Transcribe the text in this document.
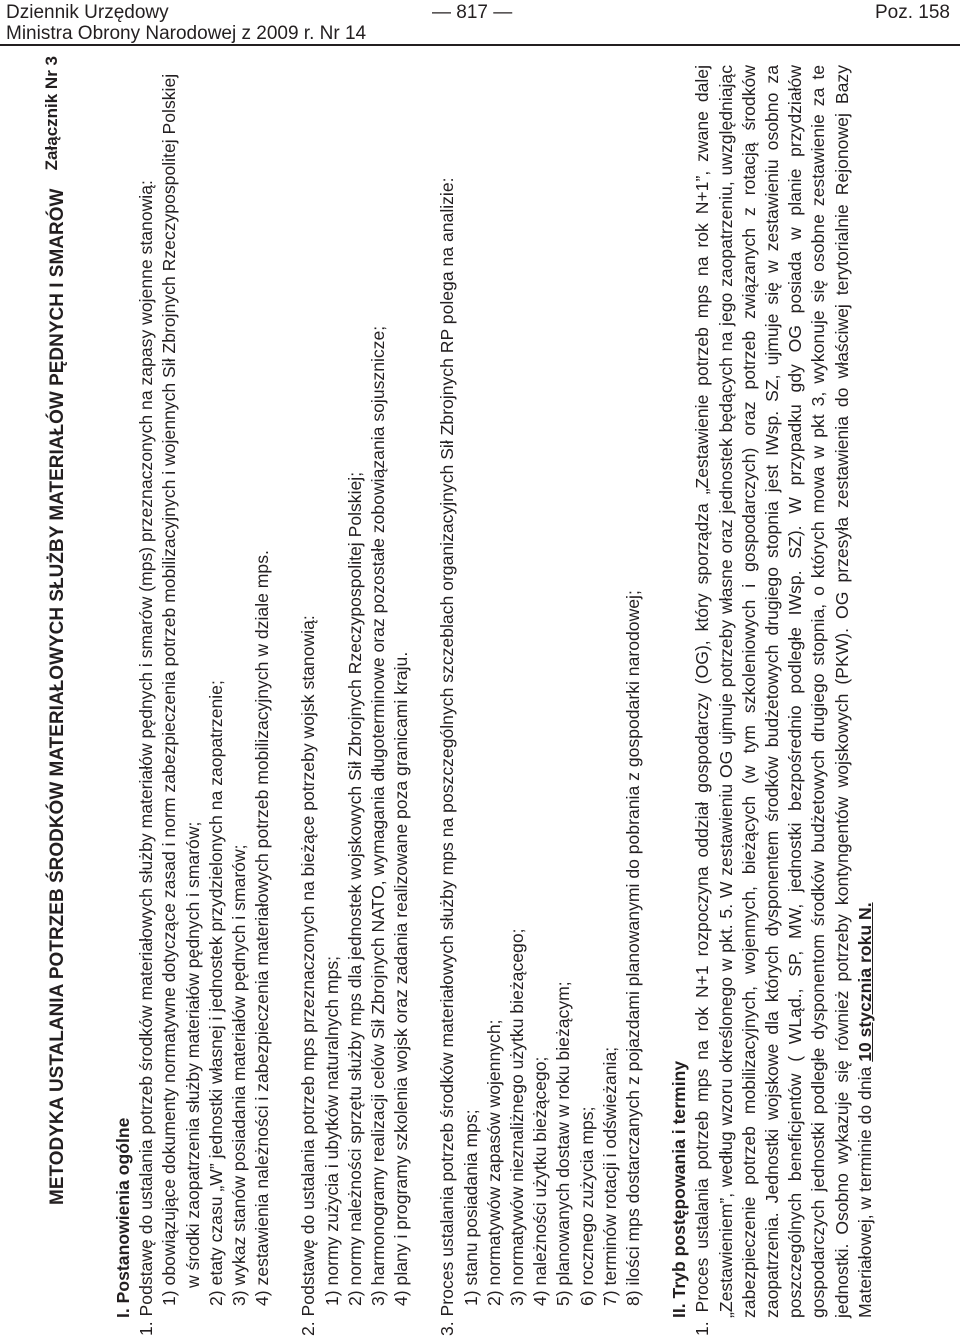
Dziennik Urzędowy
Ministra Obrony Narodowej z 2009 r. Nr 14
— 817 —	Poz. 158
Załącznik Nr 3
METODYKA USTALANIA POTRZEB ŚRODKÓW MATERIAŁOWYCH SŁUŻBY MATERIAŁÓW PĘDNYCH I SMARÓW
I. Postanowienia ogólne 1. Podstawę do ustalania potrzeb środków materiałowych służby materiałów pędnych i smarów (mps) przeznaczonych na zapasy wojenne stanowią: 1) obowiązujące dokumenty normatywne dotyczące zasad i norm zabezpieczenia potrzeb mobilizacyjnych i wojennych Sił Zbrojnych Rzeczypospolitej Polskiej w środki zaopatrzenia służby materiałów pędnych i smarów; 2) etaty czasu „W” jednostki własnej i jednostek przydzielonych na zaopatrzenie; 3) wykaz stanów posiadania materiałów pędnych i smarów; 4) zestawienia należności i zabezpieczenia materiałowych potrzeb mobilizacyjnych w dziale mps. 2. Podstawę do ustalania potrzeb mps przeznaczonych na bieżące potrzeby wojsk stanowią: 1) normy zużycia i ubytków naturalnych mps; 2) normy należności sprzętu służby mps dla jednostek wojskowych Sił Zbrojnych Rzeczypospolitej Polskiej; 3) harmonogramy realizacji celów Sił Zbrojnych NATO, wymagania długoterminowe oraz pozostałe zobowiązania sojusznicze; 4) plany i programy szkolenia wojsk oraz zadania realizowane poza granicami kraju. 3. Proces ustalania potrzeb środków materiałowych służby mps na poszczególnych szczeblach organizacyjnych Sił Zbrojnych RP polega na analizie: 1) stanu posiadania mps; 2) normatywów zapasów wojennych; 3) normatywów nieznaliżnego użytku bieżącego; 4) należności użytku bieżącego; 5) planowanych dostaw w roku bieżącym; 6) rocznego zużycia mps; 7) terminów rotacji i odświeżania; 8) ilości mps dostarczanych z pojazdami planowanymi do pobrania z gospodarki narodowej; II. Tryb postępowania i terminy 1. Proces ustalania potrzeb mps na rok N+1 rozpoczyna oddział gospodarczy (OG), który sporządza „Zestawienie potrzeb mps na rok N+1”, zwane dalej „Zestawieniem”, według wzoru określonego w pkt. 5. W zestawieniu OG ujmuje potrzeby własne oraz jednostek będących na jego zaopatrzeniu, uwzględniając zabezpieczenie potrzeb mobilizacyjnych, wojennych, bieżących (w tym szkoleniowych i gospodarczych) oraz potrzeb związanych z rotacją środków zaopatrzenia. Jednostki wojskowe dla których dysponentem środków budżetowych drugiego stopnia jest IWsp. SZ, ujmuje się w zestawieniu osobno za poszczególnych beneficjentów ( WLąd., SP, MW, jednostki bezpośrednio podległe IWsp. SZ). W przypadku gdy OG posiada w planie przydziałów gospodarczych jednostki podległe dysponentom środków budżetowych drugiego stopnia, o których mowa w pkt 3, wykonuje się osobne zestawienie za te jednostki. Osobno wykazuje się również potrzeby kontyngentów wojskowych (PKW). OG przesyła zestawienia do właściwej terytorialnie Rejonowej Bazy Materiałowej, w terminie do dnia 10 stycznia roku N.
